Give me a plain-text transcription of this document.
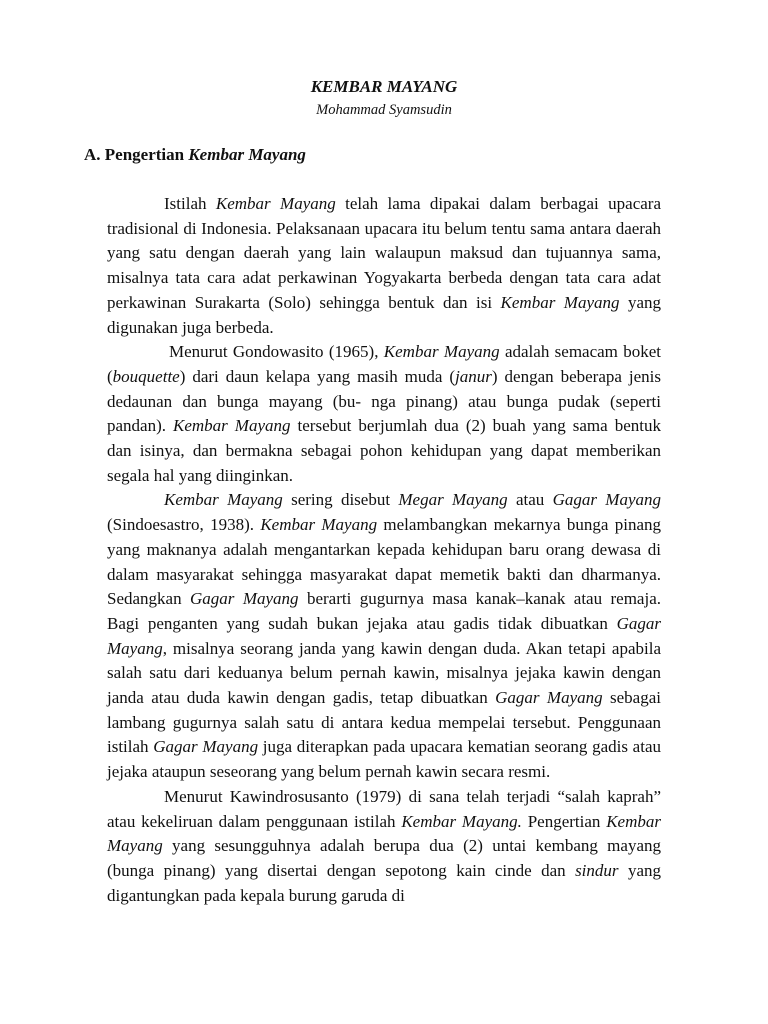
KEMBAR MAYANG
Mohammad Syamsudin
A. Pengertian Kembar Mayang

Istilah Kembar Mayang telah lama dipakai dalam berbagai upacara tradisional di Indonesia. Pelaksanaan upacara itu belum tentu sama antara daerah yang satu dengan daerah yang lain walaupun maksud dan tujuannya sama, misalnya tata cara adat perkawinan Yogyakarta berbeda dengan tata cara adat perkawinan Surakarta (Solo) sehingga bentuk dan isi Kembar Mayang yang digunakan juga berbeda.

Menurut Gondowasito (1965), Kembar Mayang adalah semacam boket (bouquette) dari daun kelapa yang masih muda (janur) dengan beberapa jenis dedaunan dan bunga mayang (bu- nga pinang) atau bunga pudak (seperti pandan). Kembar Mayang tersebut berjumlah dua (2) buah yang sama bentuk dan isinya, dan bermakna sebagai pohon kehidupan yang dapat memberikan segala hal yang diinginkan.

Kembar Mayang sering disebut Megar Mayang atau Gagar Mayang (Sindoesastro, 1938). Kembar Mayang melambangkan mekarnya bunga pinang yang maknanya adalah mengantarkan kepada kehidupan baru orang dewasa di dalam masyarakat sehingga masyarakat dapat memetik bakti dan dharmanya. Sedangkan Gagar Mayang berarti gugurnya masa kanak–kanak atau remaja. Bagi penganten yang sudah bukan jejaka atau gadis tidak dibuatkan Gagar Mayang, misalnya seorang janda yang kawin dengan duda. Akan tetapi apabila salah satu dari keduanya belum pernah kawin, misalnya jejaka kawin dengan janda atau duda kawin dengan gadis, tetap dibuatkan Gagar Mayang sebagai lambang gugurnya salah satu di antara kedua mempelai tersebut. Penggunaan istilah Gagar Mayang juga diterapkan pada upacara kematian seorang gadis atau jejaka ataupun seseorang yang belum pernah kawin secara resmi.

Menurut Kawindrosusanto (1979) di sana telah terjadi “salah kaprah” atau kekeliruan dalam penggunaan istilah Kembar Mayang. Pengertian Kembar Mayang yang sesungguhnya adalah berupa dua (2) untai kembang mayang (bunga pinang) yang disertai dengan sepotong kain cinde dan sindur yang digantungkan pada kepala burung garuda di
